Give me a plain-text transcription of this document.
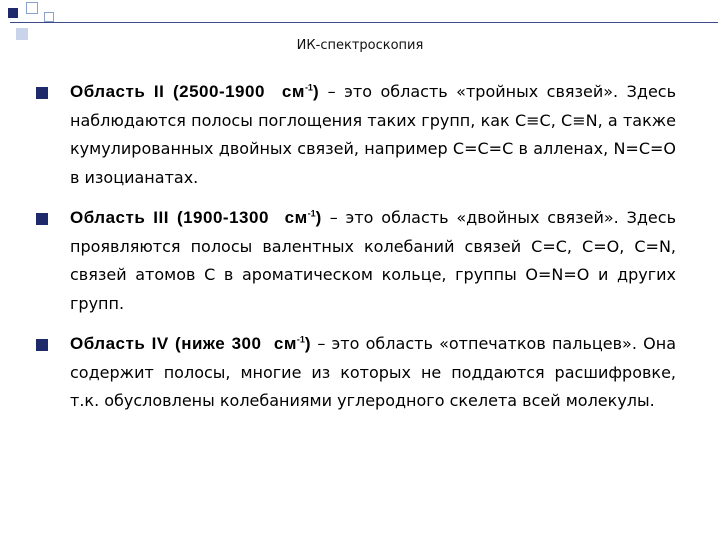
ИК-спектроскопия
Область II (2500-1900 $см^{-1}$) – это область «тройных связей». Здесь наблюдаются полосы поглощения таких групп, как C≡C, C≡N, а также кумулированных двойных связей, например C=C=C в алленах, N=C=O в изоцианатах.
Область III (1900-1300 $см^{-1}$) – это область «двойных связей». Здесь проявляются полосы валентных колебаний связей C=C, C=O, C=N, связей атомов С в ароматическом кольце, группы O=N=O и других групп.
Область IV (ниже 300 $см^{-1}$) – это область «отпечатков пальцев». Она содержит полосы, многие из которых не поддаются расшифровке, т.к. обусловлены колебаниями углеродного скелета всей молекулы.
